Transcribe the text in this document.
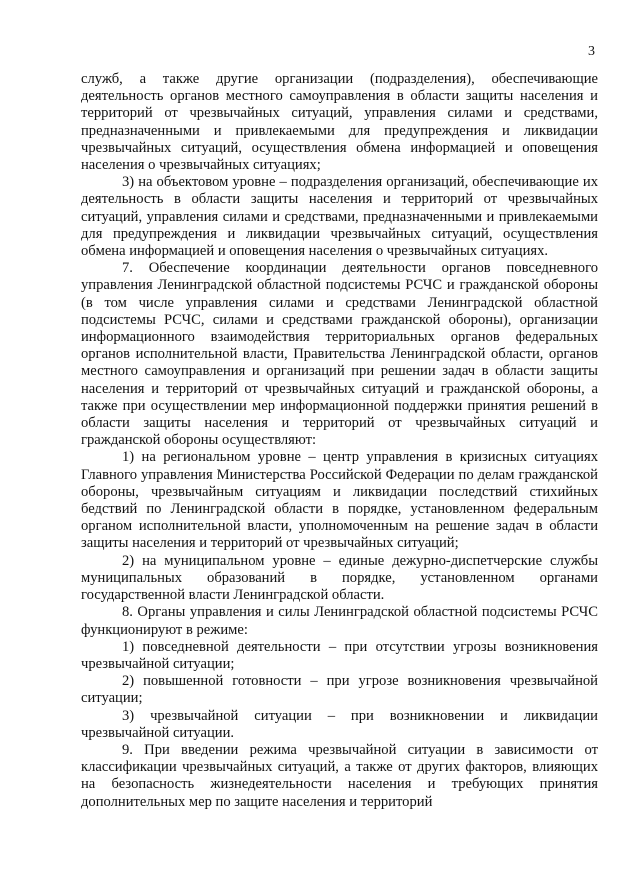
3

служб, а также другие организации (подразделения), обеспечивающие деятельность органов местного самоуправления в области защиты населения и территорий от чрезвычайных ситуаций, управления силами и средствами, предназначенными и привлекаемыми для предупреждения и ликвидации чрезвычайных ситуаций, осуществления обмена информацией и оповещения населения о чрезвычайных ситуациях;

3) на объектовом уровне – подразделения организаций, обеспечивающие их деятельность в области защиты населения и территорий от чрезвычайных ситуаций, управления силами и средствами, предназначенными и привлекаемыми для предупреждения и ликвидации чрезвычайных ситуаций, осуществления обмена информацией и оповещения населения о чрезвычайных ситуациях.

7. Обеспечение координации деятельности органов повседневного управления Ленинградской областной подсистемы РСЧС и гражданской обороны (в том числе управления силами и средствами Ленинградской областной подсистемы РСЧС, силами и средствами гражданской обороны), организации информационного взаимодействия территориальных органов федеральных органов исполнительной власти, Правительства Ленинградской области, органов местного самоуправления и организаций при решении задач в области защиты населения и территорий от чрезвычайных ситуаций и гражданской обороны, а также при осуществлении мер информационной поддержки принятия решений в области защиты населения и территорий от чрезвычайных ситуаций и гражданской обороны осуществляют:

1) на региональном уровне – центр управления в кризисных ситуациях Главного управления Министерства Российской Федерации по делам гражданской обороны, чрезвычайным ситуациям и ликвидации последствий стихийных бедствий по Ленинградской области в порядке, установленном федеральным органом исполнительной власти, уполномоченным на решение задач в области защиты населения и территорий от чрезвычайных ситуаций;

2) на муниципальном уровне – единые дежурно-диспетчерские службы муниципальных образований в порядке, установленном органами государственной власти Ленинградской области.

8. Органы управления и силы Ленинградской областной подсистемы РСЧС функционируют в режиме:

1) повседневной деятельности – при отсутствии угрозы возникновения чрезвычайной ситуации;

2) повышенной готовности – при угрозе возникновения чрезвычайной ситуации;

3) чрезвычайной ситуации – при возникновении и ликвидации чрезвычайной ситуации.

9. При введении режима чрезвычайной ситуации в зависимости от классификации чрезвычайных ситуаций, а также от других факторов, влияющих на безопасность жизнедеятельности населения и требующих принятия дополнительных мер по защите населения и территорий
